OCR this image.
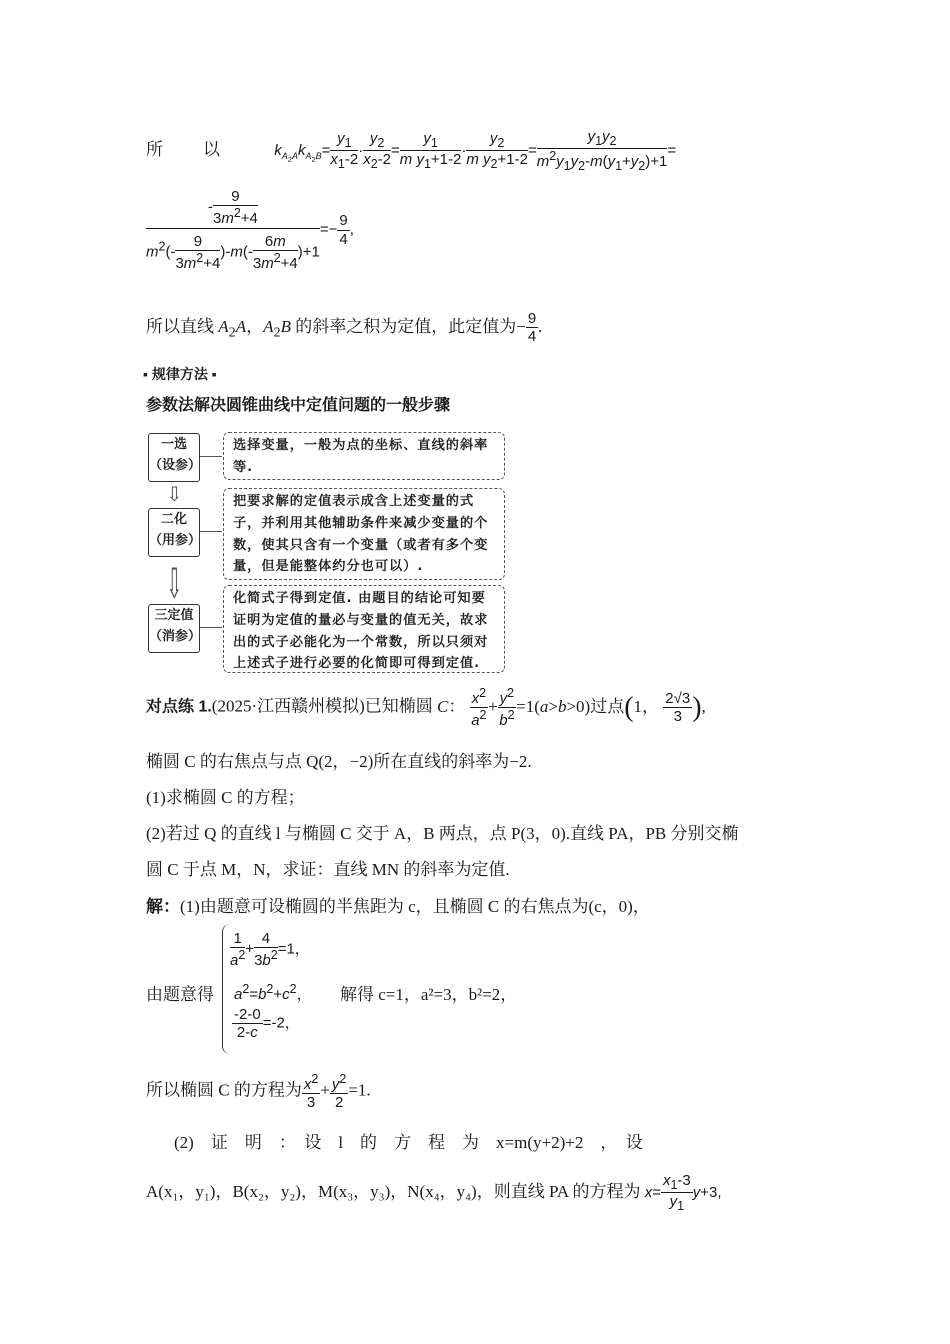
所　　以	$k_{A_2A}k_{A_2B}= \frac{y_1}{x_1-2} \cdot \frac{y_2}{x_2-2} = \frac{y_1}{m y_1+1-2} \cdot \frac{y_2}{m y_2+1-2} = \frac{y_1y_2}{m^2y_1y_2-m(y_1+y_2)+1}$ =
$\frac{- \frac{9}{3m^2+4}}{m^2(- \frac{9}{3m^2+4} )-m(- \frac{6m}{3m^2+4} )+1} =- \frac{9}{4}$ ,
所以直线 $A_2A$，$A_2B$ 的斜率之积为定值，此定值为− $\frac{9}{4}$ .
▪ 规律方法 ▪
参数法解决圆锥曲线中定值问题的一般步骤
一选
（设参）
选择变量，一般为点的坐标、直线的斜率等.
⇩
二化
（用参）
把要求解的定值表示成含上述变量的式子，并利用其他辅助条件来减少变量的个数，使其只含有一个变量（或者有多个变量，但是能整体约分也可以）.
⇩
三定值
（消参）
化简式子得到定值. 由题目的结论可知要证明为定值的量必与变量的值无关，故求出的式子必能化为一个常数，所以只须对上述式子进行必要的化简即可得到定值.
对点练 1.(2025·江西赣州模拟)已知椭圆 C： $\frac{x^2}{a^2} + \frac{y^2}{b^2} =1(a>b>0)$过点(1， $\frac{2√3}{3}$ ),
椭圆 C 的右焦点与点 Q(2，−2)所在直线的斜率为−2.
(1)求椭圆 C 的方程；
(2)若过 Q 的直线 l 与椭圆 C 交于 A，B 两点，点 P(3，0).直线 PA，PB 分别交椭
圆 C 于点 M，N，求证：直线 MN 的斜率为定值.
解：(1)由题意可设椭圆的半焦距为 c，且椭圆 C 的右焦点为(c，0)，
由题意得
$\frac{1}{a^2} + \frac{4}{3b^2} =1$，
$a^2=b^2+c^2$， 解得 c=1，a²=3，b²=2，
$\frac{-2-0}{2-c} =-2$，
所以椭圆 C 的方程为 $\frac{x^2}{3} + \frac{y^2}{2} =1$.
(2)　证　明　：　设　l　的　方　程　为　x=m(y+2)+2　，　设
A(x₁，y₁)，B(x₂，y₂)，M(x₃，y₃)，N(x₄，y₄)，则直线 PA 的方程为 $x= \frac{x_1-3}{y_1} y+3$,
